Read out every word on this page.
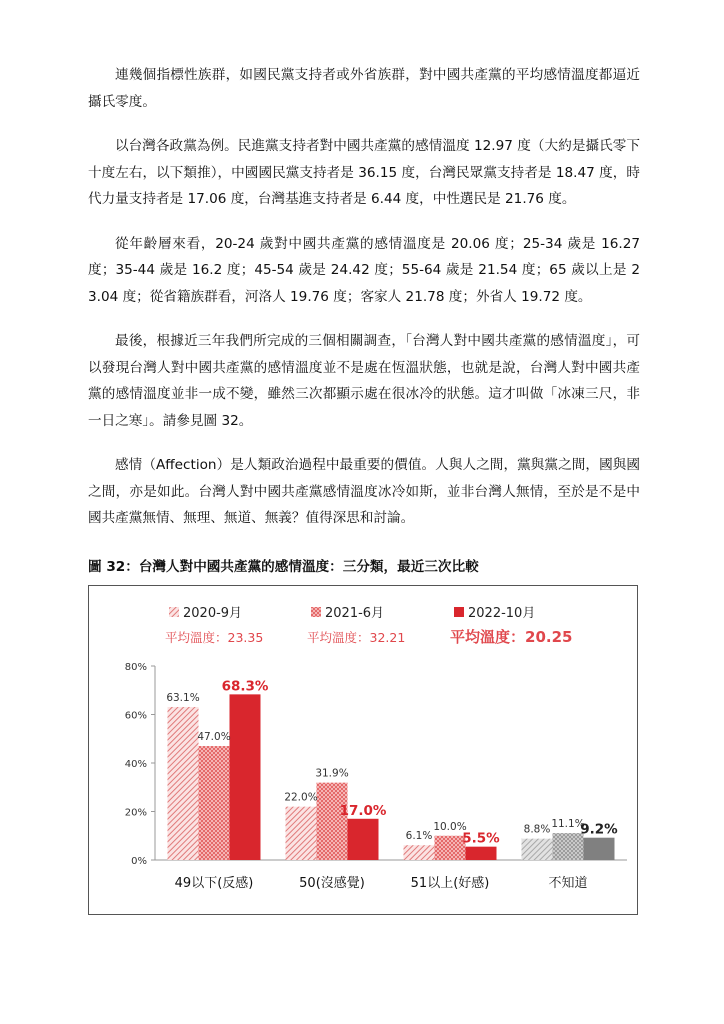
連幾個指標性族群，如國民黨支持者或外省族群，對中國共產黨的平均感情溫度都逼近攝氏零度。

以台灣各政黨為例。民進黨支持者對中國共產黨的感情溫度 12.97 度（大約是攝氏零下十度左右，以下類推），中國國民黨支持者是 36.15 度，台灣民眾黨支持者是 18.47 度，時代力量支持者是 17.06 度，台灣基進支持者是 6.44 度，中性選民是 21.76 度。

從年齡層來看，20-24 歲對中國共產黨的感情溫度是 20.06 度；25-34 歲是 16.27 度；35-44 歲是 16.2 度；45-54 歲是 24.42 度；55-64 歲是 21.54 度；65 歲以上是 23.04 度；從省籍族群看，河洛人 19.76 度；客家人 21.78 度；外省人 19.72 度。

最後，根據近三年我們所完成的三個相關調查，「台灣人對中國共產黨的感情溫度」，可以發現台灣人對中國共產黨的感情溫度並不是處在恆溫狀態，也就是說，台灣人對中國共產黨的感情溫度並非一成不變，雖然三次都顯示處在很冰冷的狀態。這才叫做「冰凍三尺，非一日之寒」。請參見圖 32。

感情（Affection）是人類政治過程中最重要的價值。人與人之間，黨與黨之間，國與國之間，亦是如此。台灣人對中國共產黨感情溫度冰冷如斯，並非台灣人無情，至於是不是中國共產黨無情、無理、無道、無義？值得深思和討論。

圖 32：台灣人對中國共產黨的感情溫度：三分類，最近三次比較

2020-9月
平均溫度：23.35
2021-6月
平均溫度：32.21
2022-10月
平均溫度：20.25
0%
20%
40%
60%
80%
63.1%
47.0%
68.3%
49以下(反感)
22.0%
31.9%
17.0%
50(沒感覺)
6.1%
10.0%
5.5%
51以上(好感)
8.8% 11.1%
9.2%
不知道
